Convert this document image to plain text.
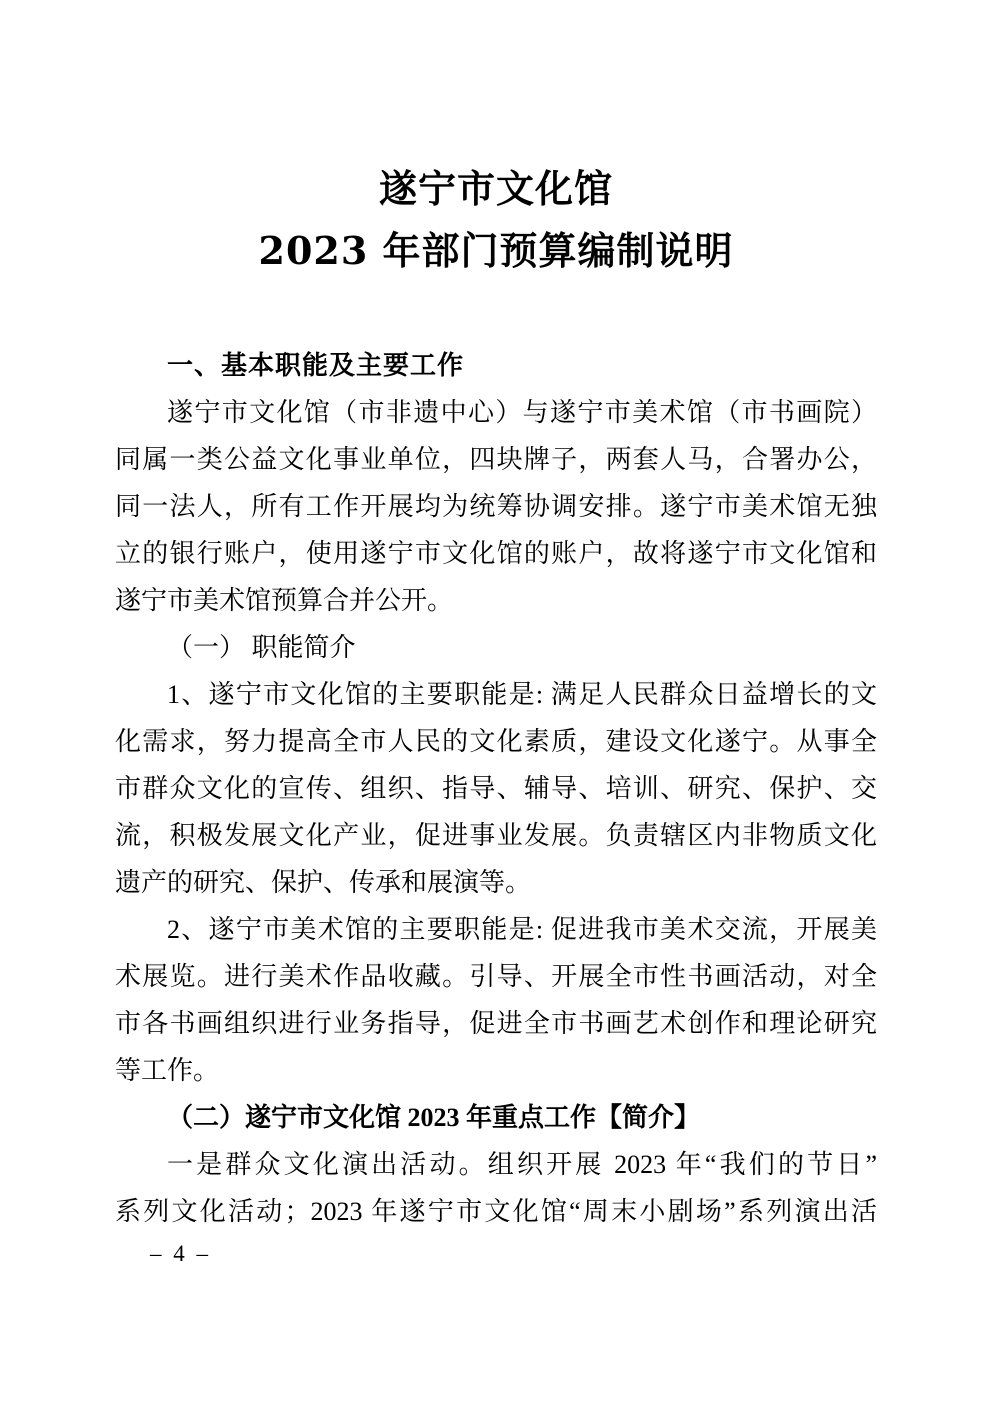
遂宁市文化馆
2023 年部门预算编制说明

一、基本职能及主要工作

遂宁市文化馆（市非遗中心）与遂宁市美术馆（市书画院）

同属一类公益文化事业单位，四块牌子，两套人马，合署办公，

同一法人，所有工作开展均为统筹协调安排。遂宁市美术馆无独

立的银行账户，使用遂宁市文化馆的账户，故将遂宁市文化馆和

遂宁市美术馆预算合并公开。

（一） 职能简介

1、遂宁市文化馆的主要职能是: 满足人民群众日益增长的文

化需求，努力提高全市人民的文化素质，建设文化遂宁。从事全

市群众文化的宣传、组织、指导、辅导、培训、研究、保护、交

流，积极发展文化产业，促进事业发展。负责辖区内非物质文化

遗产的研究、保护、传承和展演等。

2、遂宁市美术馆的主要职能是: 促进我市美术交流，开展美

术展览。进行美术作品收藏。引导、开展全市性书画活动，对全

市各书画组织进行业务指导，促进全市书画艺术创作和理论研究

等工作。

（二）遂宁市文化馆 2023 年重点工作【简介】

一是群众文化演出活动。组织开展 2023 年“我们的节日”

系列文化活动；2023 年遂宁市文化馆“周末小剧场”系列演出活

– 4 –
